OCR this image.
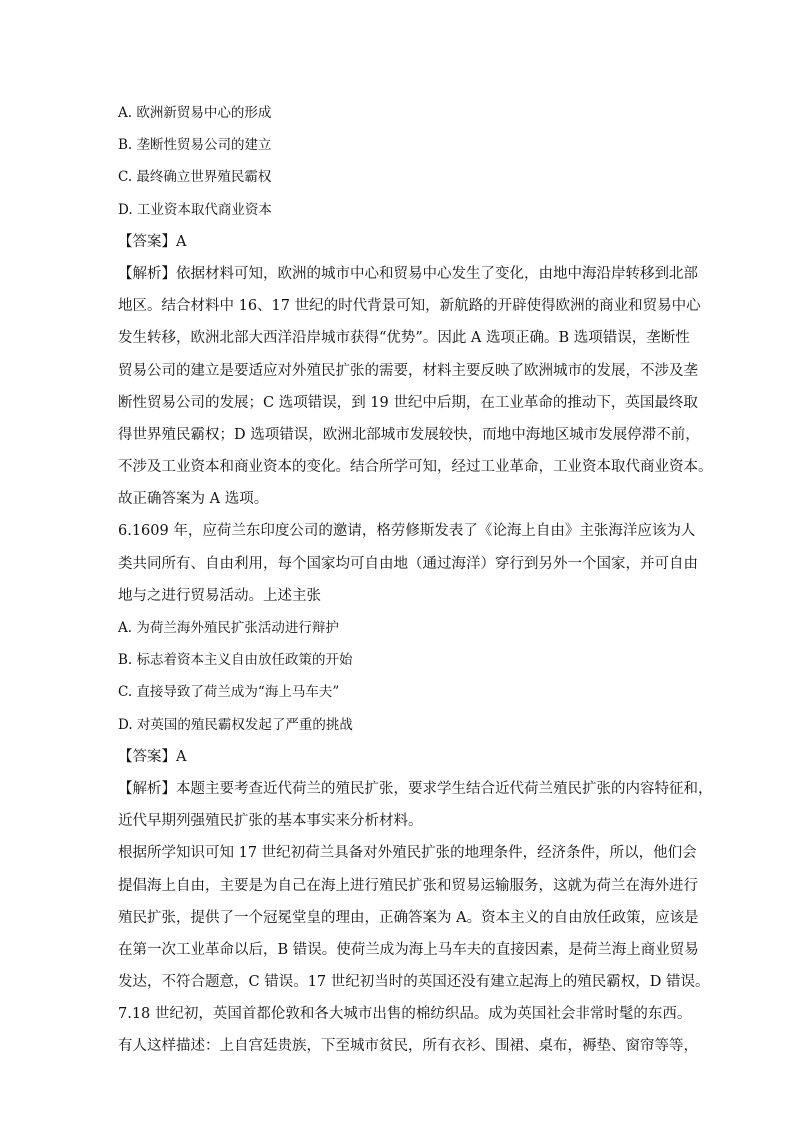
A. 欧洲新贸易中心的形成
B. 垄断性贸易公司的建立
C. 最终确立世界殖民霸权
D. 工业资本取代商业资本
【答案】A
【解析】依据材料可知，欧洲的城市中心和贸易中心发生了变化，由地中海沿岸转移到北部
地区。结合材料中 16、17 世纪的时代背景可知，新航路的开辟使得欧洲的商业和贸易中心
发生转移，欧洲北部大西洋沿岸城市获得“优势”。因此 A 选项正确。B 选项错误，垄断性
贸易公司的建立是要适应对外殖民扩张的需要，材料主要反映了欧洲城市的发展，不涉及垄
断性贸易公司的发展；C 选项错误，到 19 世纪中后期，在工业革命的推动下，英国最终取
得世界殖民霸权；D 选项错误，欧洲北部城市发展较快，而地中海地区城市发展停滞不前，
不涉及工业资本和商业资本的变化。结合所学可知，经过工业革命，工业资本取代商业资本。
故正确答案为 A 选项。
6.1609 年，应荷兰东印度公司的邀请，格劳修斯发表了《论海上自由》主张海洋应该为人
类共同所有、自由利用，每个国家均可自由地（通过海洋）穿行到另外一个国家，并可自由
地与之进行贸易活动。上述主张
A. 为荷兰海外殖民扩张活动进行辩护
B. 标志着资本主义自由放任政策的开始
C. 直接导致了荷兰成为“海上马车夫”
D. 对英国的殖民霸权发起了严重的挑战
【答案】A
【解析】本题主要考查近代荷兰的殖民扩张，要求学生结合近代荷兰殖民扩张的内容特征和，
近代早期列强殖民扩张的基本事实来分析材料。
根据所学知识可知 17 世纪初荷兰具备对外殖民扩张的地理条件，经济条件，所以，他们会
提倡海上自由，主要是为自己在海上进行殖民扩张和贸易运输服务，这就为荷兰在海外进行
殖民扩张，提供了一个冠冕堂皇的理由，正确答案为 A。资本主义的自由放任政策，应该是
在第一次工业革命以后，B 错误。使荷兰成为海上马车夫的直接因素，是荷兰海上商业贸易
发达，不符合题意，C 错误。17 世纪初当时的英国还没有建立起海上的殖民霸权，D 错误。
7.18 世纪初，英国首都伦敦和各大城市出售的棉纺织品。成为英国社会非常时髦的东西。
有人这样描述：上自宫廷贵族，下至城市贫民，所有衣衫、围裙、桌布，褥垫、窗帘等等，
